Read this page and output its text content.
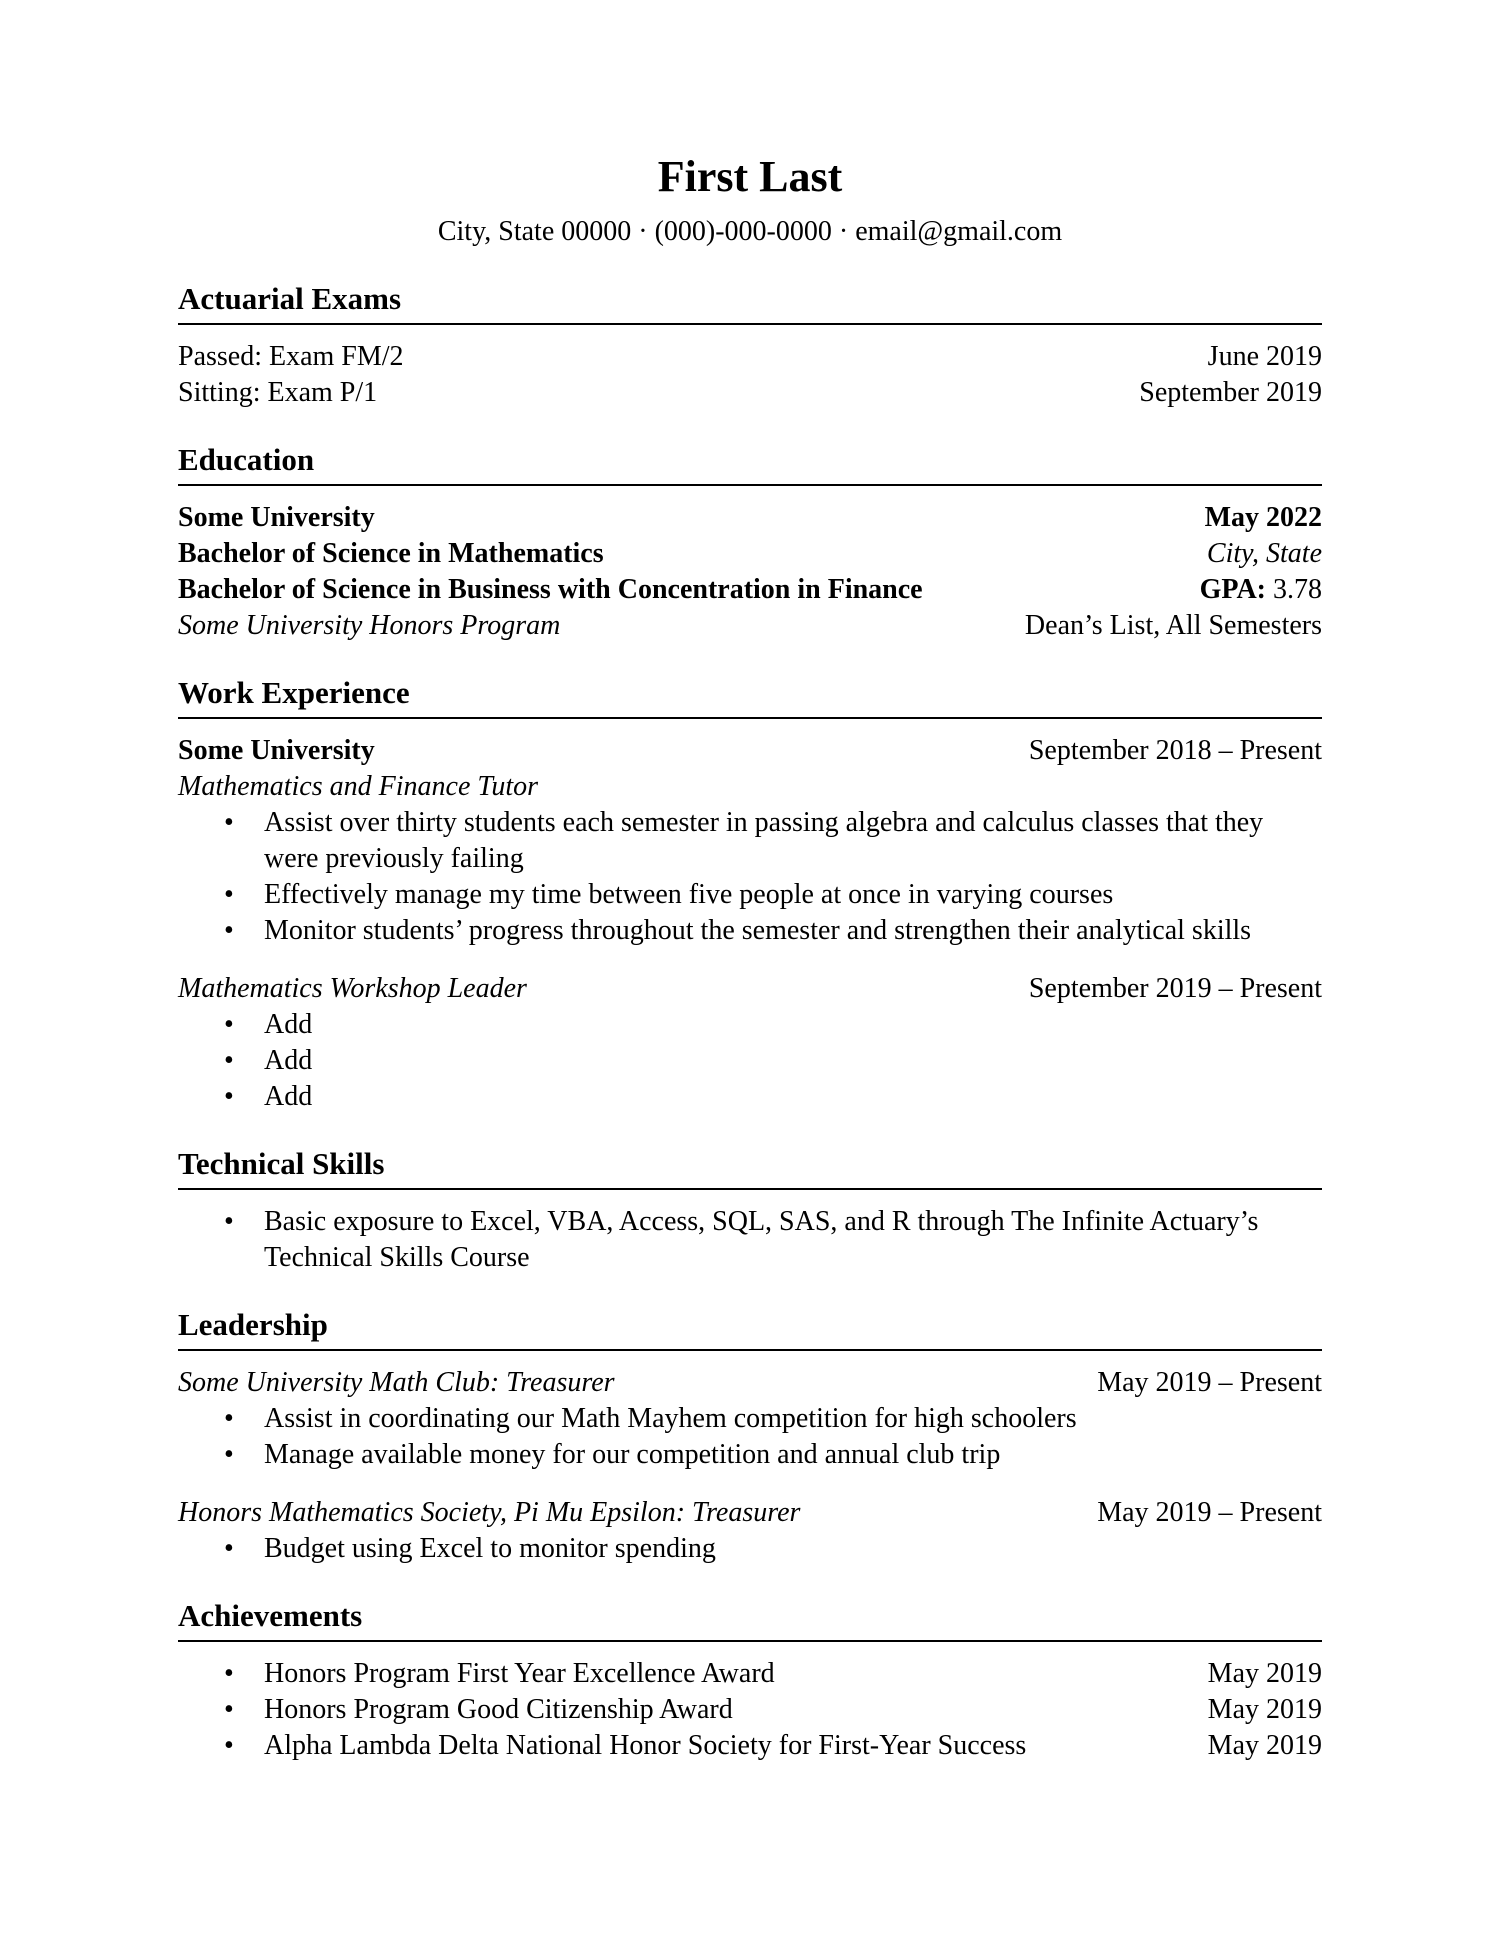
First Last
City, State 00000 · (000)-000-0000 · email@gmail.com
Actuarial Exams
Passed: Exam FM/2	June 2019
Sitting: Exam P/1	September 2019
Education
Some University	May 2022
Bachelor of Science in Mathematics	City, State
Bachelor of Science in Business with Concentration in Finance	GPA: 3.78
Some University Honors Program	Dean’s List, All Semesters
Work Experience
Some University	September 2018 – Present
Mathematics and Finance Tutor
•	Assist over thirty students each semester in passing algebra and calculus classes that they were previously failing
•	Effectively manage my time between five people at once in varying courses
•	Monitor students’ progress throughout the semester and strengthen their analytical skills
Mathematics Workshop Leader	September 2019 – Present
•	Add
•	Add
•	Add
Technical Skills
•	Basic exposure to Excel, VBA, Access, SQL, SAS, and R through The Infinite Actuary’s Technical Skills Course
Leadership
Some University Math Club: Treasurer	May 2019 – Present
•	Assist in coordinating our Math Mayhem competition for high schoolers
•	Manage available money for our competition and annual club trip
Honors Mathematics Society, Pi Mu Epsilon: Treasurer	May 2019 – Present
•	Budget using Excel to monitor spending
Achievements
•	Honors Program First Year Excellence Award	May 2019
•	Honors Program Good Citizenship Award	May 2019
•	Alpha Lambda Delta National Honor Society for First-Year Success	May 2019
